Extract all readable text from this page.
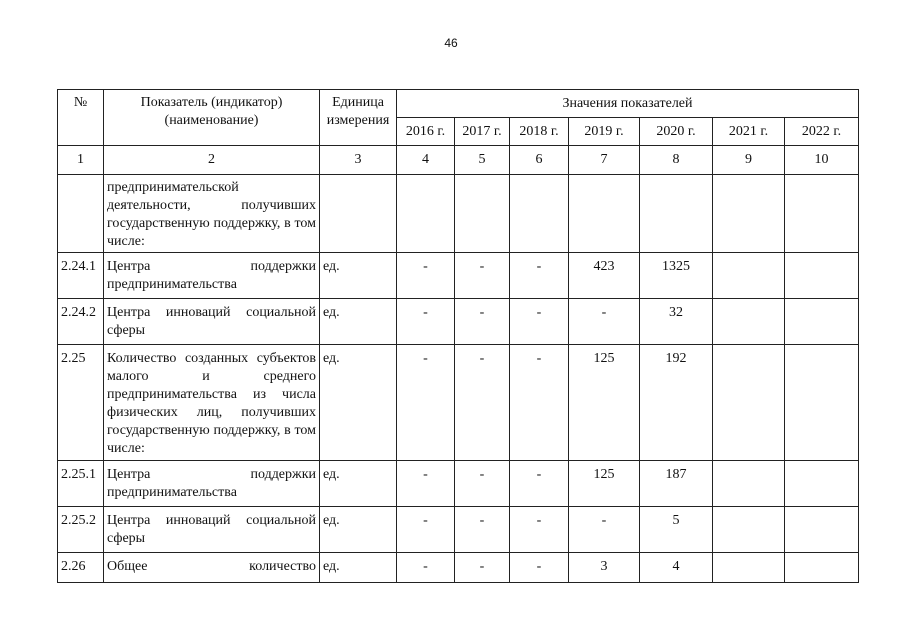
46
№	Показатель (индикатор) (наименование)	Единица измерения	Значения показателей						
			2016 г.	2017 г.	2018 г.	2019 г.	2020 г.	2021 г.	2022 г.
1	2	3	4	5	6	7	8	9	10
	предпринимательской деятельности, получивших государственную поддержку, в том числе:								
2.24.1	Центра поддержки предпринимательства	ед.	-	-	-	423	1325		
2.24.2	Центра инноваций социальной сферы	ед.	-	-	-	-	32		
2.25	Количество созданных субъектов малого и среднего предпринимательства из числа физических лиц, получивших государственную поддержку, в том числе:	ед.	-	-	-	125	192		
2.25.1	Центра поддержки предпринимательства	ед.	-	-	-	125	187		
2.25.2	Центра инноваций социальной сферы	ед.	-	-	-	-	5		
2.26	Общее количество	ед.	-	-	-	3	4		
